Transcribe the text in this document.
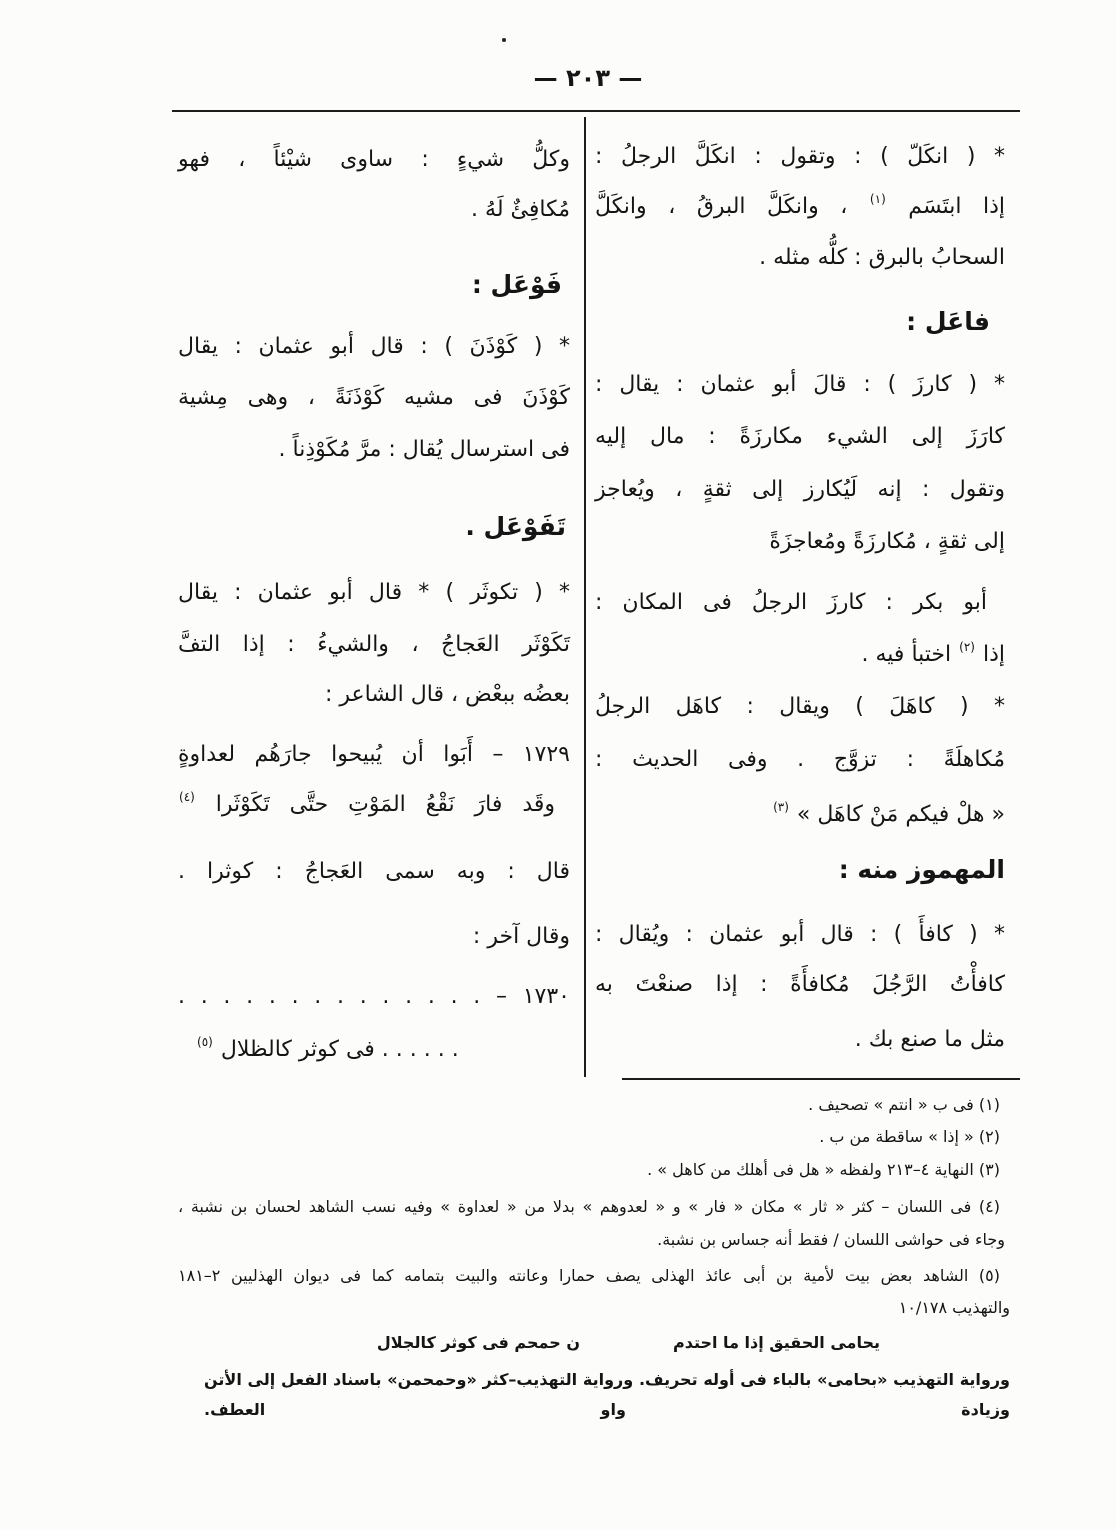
— ٢٠٣ —
* ( انكَلّ ) : وتقول : انكَلَّ الرجلُ :
إذا ابتَسَم $^{(١)}$ ، وانكَلَّ البرقُ ، وانكَلَّ
السحابُ بالبرق : كلُّه مثله .
فاعَل :
* ( كارزَ ) : قالَ أبو عثمان : يقال :
كارَزَ إلى الشيء مكارزَةً : مال إليه
وتقول : إنه لَيُكارز إلى ثقةٍ ، ويُعاجز
إلى ثقةٍ ، مُكارزَةً ومُعاجزَةً
أبو بكر : كارزَ الرجلُ فى المكان :
إذا $^{(٢)}$ اختبأ فيه .
* ( كاهَلَ ) ويقال : كاهَل الرجلُ
مُكاهلَةً : تزوَّج . وفى الحديث :
« هلْ فيكم مَنْ كاهَل » $^{(٣)}$
المهموز منه :
* ( كافأَ ) : قال أبو عثمان : ويُقال :
كافأْتُ الرَّجُلَ مُكافأَةً : إذا صنعْتَ به
مثل ما صنع بك .
وكلُّ شيءٍ : ساوى شيْئاً ، فهو
مُكافِئٌ لَهُ .
فَوْعَل :
* ( كَوْذَنَ ) : قال أبو عثمان : يقال
كَوْذَنَ فى مشيه كَوْذَنَةً ، وهى مِشية
فى استرسال يُقال : مرَّ مُكَوْذِناً .
تَفَوْعَل .
* ( تكوثَر ) * قال أبو عثمان : يقال
تَكَوْثَر العَجاجُ ، والشيءُ : إذا التفَّ
بعضُه ببعْض ، قال الشاعر :
١٧٢٩ – أَبَوا أن يُبيحوا جارَهُم لعداوةٍ
وقَد فارَ نَقْعُ المَوْتِ حتَّى تَكَوْثَرا $^{(٤)}$
قال : وبه سمى العَجاجُ : كوثرا .
وقال آخر :
١٧٣٠ – . . . . . . . . . . . . . .
. . . . . . فى كوثر كالظلال $^{(٥)}$
(١) فى ب « انتم » تصحيف .
(٢) « إذا » ساقطة من ب .
(٣) النهاية ٤–٢١٣ ولفظه « هل فى أهلك من كاهل » .
(٤) فى اللسان – كثر « ثار » مكان « فار » و « لعدوهم » بدلا من « لعداوة » وفيه نسب الشاهد لحسان بن نشبة ،
وجاء فى حواشى اللسان / فقط أنه جساس بن نشبة.
(٥) الشاهد بعض بيت لأمية بن أبى عائذ الهذلى يصف حمارا وعانته والبيت بتمامه كما فى ديوان الهذليين ٢–١٨١
والتهذيب ١٠/١٧٨
يحامى الحقيق إذا ما احتدم
ن حمحم فى كوثر كالجلال
ورواية التهذيب «بحامى» بالباء فى أوله تحريف. ورواية التهذيب–كثر «وحمحمن» باسناد الفعل إلى الأتن وزيادة واو العطف.
